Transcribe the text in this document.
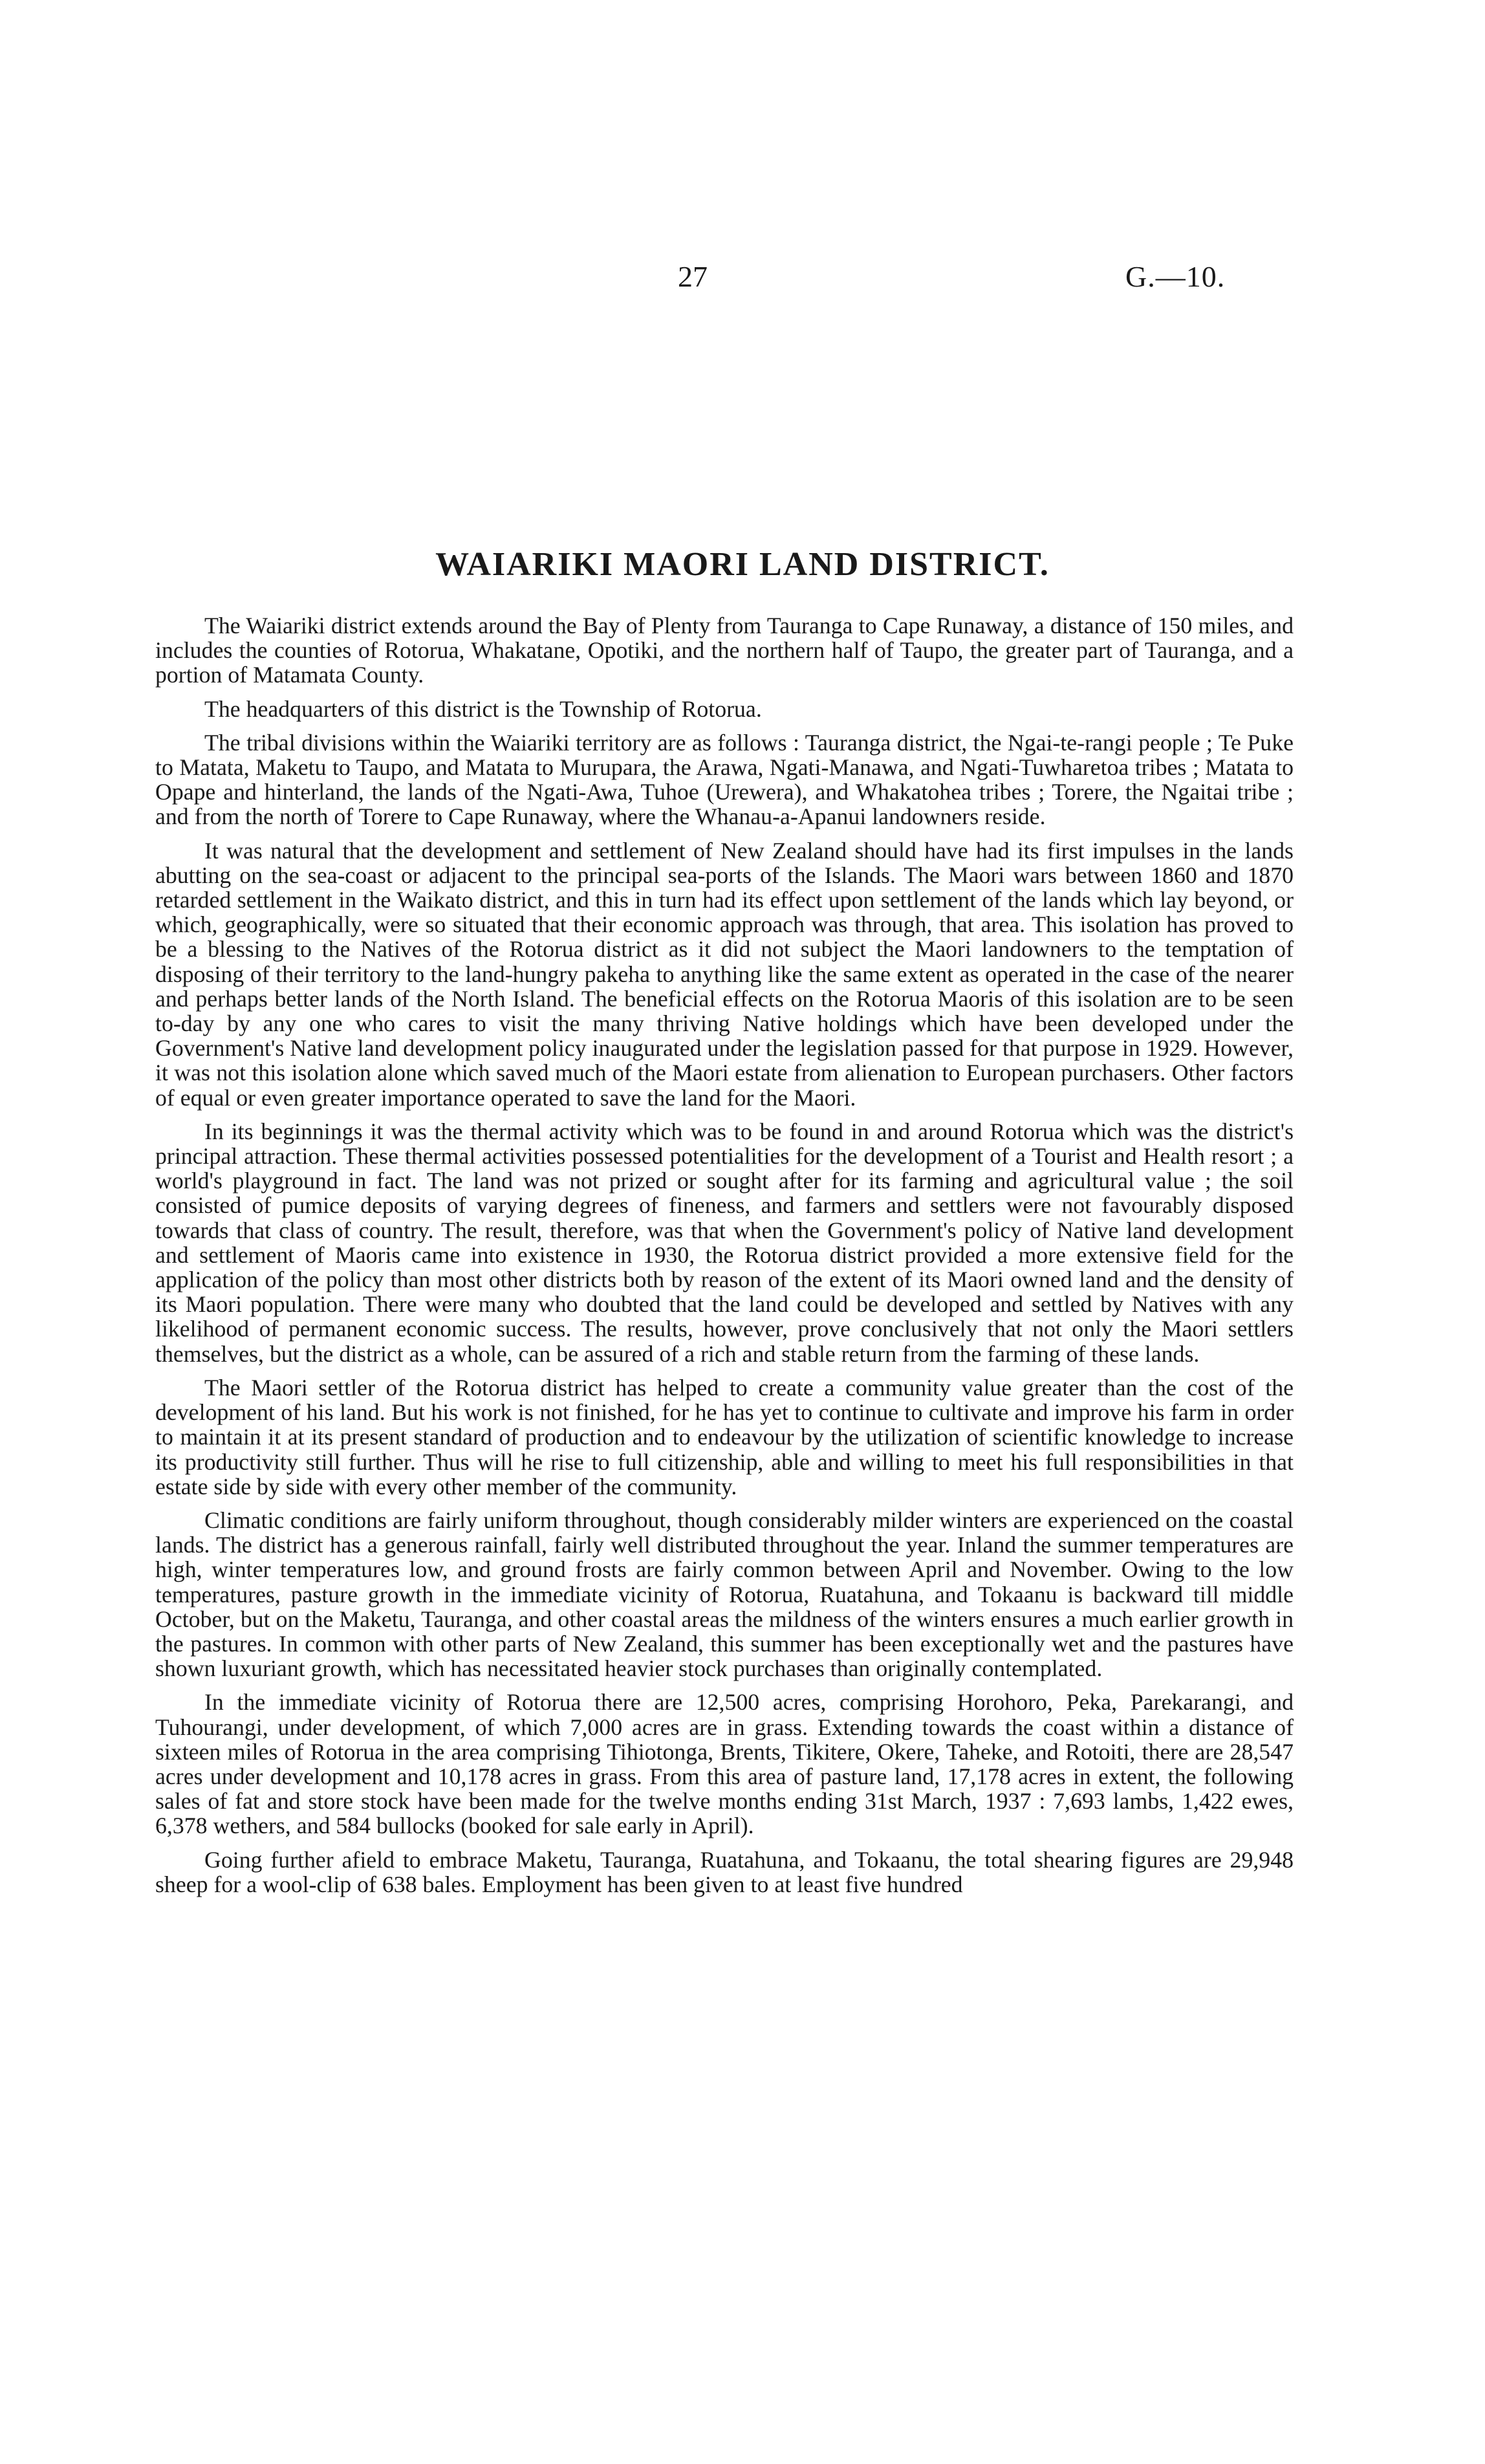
27	G.—10.
WAIARIKI MAORI LAND DISTRICT.

The Waiariki district extends around the Bay of Plenty from Tauranga to Cape Runaway, a distance of 150 miles, and includes the counties of Rotorua, Whakatane, Opotiki, and the northern half of Taupo, the greater part of Tauranga, and a portion of Matamata County.

The headquarters of this district is the Township of Rotorua.

The tribal divisions within the Waiariki territory are as follows : Tauranga district, the Ngai-te-rangi people ; Te Puke to Matata, Maketu to Taupo, and Matata to Murupara, the Arawa, Ngati-Manawa, and Ngati-Tuwharetoa tribes ; Matata to Opape and hinterland, the lands of the Ngati-Awa, Tuhoe (Urewera), and Whakatohea tribes ; Torere, the Ngaitai tribe ; and from the north of Torere to Cape Runaway, where the Whanau-a-Apanui landowners reside.

It was natural that the development and settlement of New Zealand should have had its first impulses in the lands abutting on the sea-coast or adjacent to the principal sea-ports of the Islands. The Maori wars between 1860 and 1870 retarded settlement in the Waikato district, and this in turn had its effect upon settlement of the lands which lay beyond, or which, geographically, were so situated that their economic approach was through, that area. This isolation has proved to be a blessing to the Natives of the Rotorua district as it did not subject the Maori landowners to the temptation of disposing of their territory to the land-hungry pakeha to anything like the same extent as operated in the case of the nearer and perhaps better lands of the North Island. The beneficial effects on the Rotorua Maoris of this isolation are to be seen to-day by any one who cares to visit the many thriving Native holdings which have been developed under the Government's Native land development policy inaugurated under the legislation passed for that purpose in 1929. However, it was not this isolation alone which saved much of the Maori estate from alienation to European purchasers. Other factors of equal or even greater importance operated to save the land for the Maori.

In its beginnings it was the thermal activity which was to be found in and around Rotorua which was the district's principal attraction. These thermal activities possessed potentialities for the development of a Tourist and Health resort ; a world's playground in fact. The land was not prized or sought after for its farming and agricultural value ; the soil consisted of pumice deposits of varying degrees of fineness, and farmers and settlers were not favourably disposed towards that class of country. The result, therefore, was that when the Government's policy of Native land development and settlement of Maoris came into existence in 1930, the Rotorua district provided a more extensive field for the application of the policy than most other districts both by reason of the extent of its Maori owned land and the density of its Maori population. There were many who doubted that the land could be developed and settled by Natives with any likelihood of permanent economic success. The results, however, prove conclusively that not only the Maori settlers themselves, but the district as a whole, can be assured of a rich and stable return from the farming of these lands.

The Maori settler of the Rotorua district has helped to create a community value greater than the cost of the development of his land. But his work is not finished, for he has yet to continue to cultivate and improve his farm in order to maintain it at its present standard of production and to endeavour by the utilization of scientific knowledge to increase its productivity still further. Thus will he rise to full citizenship, able and willing to meet his full responsibilities in that estate side by side with every other member of the community.

Climatic conditions are fairly uniform throughout, though considerably milder winters are experienced on the coastal lands. The district has a generous rainfall, fairly well distributed throughout the year. Inland the summer temperatures are high, winter temperatures low, and ground frosts are fairly common between April and November. Owing to the low temperatures, pasture growth in the immediate vicinity of Rotorua, Ruatahuna, and Tokaanu is backward till middle October, but on the Maketu, Tauranga, and other coastal areas the mildness of the winters ensures a much earlier growth in the pastures. In common with other parts of New Zealand, this summer has been exceptionally wet and the pastures have shown luxuriant growth, which has necessitated heavier stock purchases than originally contemplated.

In the immediate vicinity of Rotorua there are 12,500 acres, comprising Horohoro, Peka, Parekarangi, and Tuhourangi, under development, of which 7,000 acres are in grass. Extending towards the coast within a distance of sixteen miles of Rotorua in the area comprising Tihiotonga, Brents, Tikitere, Okere, Taheke, and Rotoiti, there are 28,547 acres under development and 10,178 acres in grass. From this area of pasture land, 17,178 acres in extent, the following sales of fat and store stock have been made for the twelve months ending 31st March, 1937 : 7,693 lambs, 1,422 ewes, 6,378 wethers, and 584 bullocks (booked for sale early in April).

Going further afield to embrace Maketu, Tauranga, Ruatahuna, and Tokaanu, the total shearing figures are 29,948 sheep for a wool-clip of 638 bales. Employment has been given to at least five hundred
